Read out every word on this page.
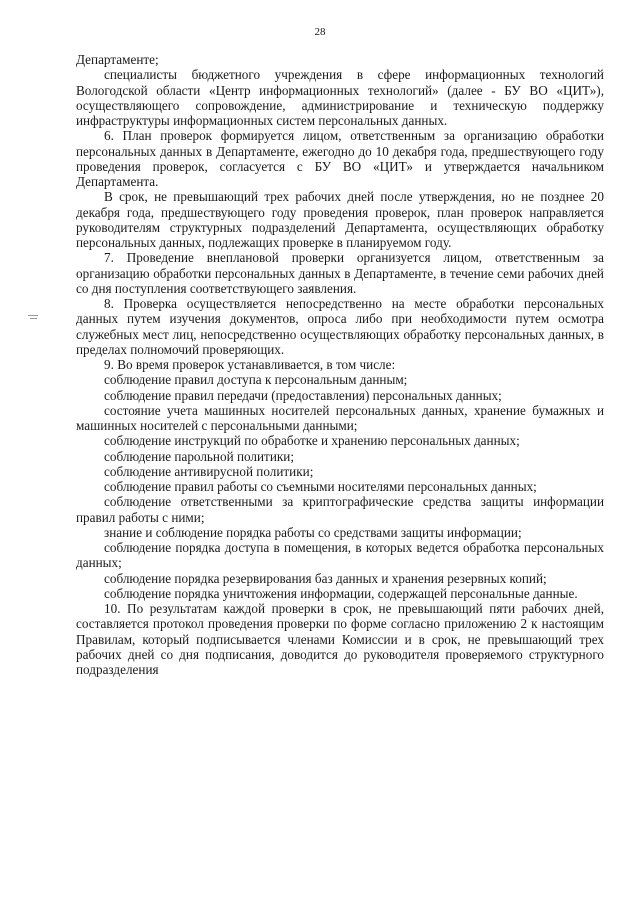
28

Департаменте;

специалисты бюджетного учреждения в сфере информационных технологий Вологодской области «Центр информационных технологий» (далее - БУ ВО «ЦИТ»), осуществляющего сопровождение, администрирование и техническую поддержку инфраструктуры информационных систем персональных данных.

6. План проверок формируется лицом, ответственным за организацию обработки персональных данных в Департаменте, ежегодно до 10 декабря года, предшествующего году проведения проверок, согласуется с БУ ВО «ЦИТ» и утверждается начальником Департамента.

В срок, не превышающий трех рабочих дней после утверждения, но не позднее 20 декабря года, предшествующего году проведения проверок, план проверок направляется руководителям структурных подразделений Департамента, осуществляющих обработку персональных данных, подлежащих проверке в планируемом году.

7. Проведение внеплановой проверки организуется лицом, ответственным за организацию обработки персональных данных в Департаменте, в течение семи рабочих дней со дня поступления соответствующего заявления.

8. Проверка осуществляется непосредственно на месте обработки персональных данных путем изучения документов, опроса либо при необходимости путем осмотра служебных мест лиц, непосредственно осуществляющих обработку персональных данных, в пределах полномочий проверяющих.

9. Во время проверок устанавливается, в том числе:

соблюдение правил доступа к персональным данным;

соблюдение правил передачи (предоставления) персональных данных;

состояние учета машинных носителей персональных данных, хранение бумажных и машинных носителей с персональными данными;

соблюдение инструкций по обработке и хранению персональных данных;

соблюдение парольной политики;

соблюдение антивирусной политики;

соблюдение правил работы со съемными носителями персональных данных;

соблюдение ответственными за криптографические средства защиты информации правил работы с ними;

знание и соблюдение порядка работы со средствами защиты информации;

соблюдение порядка доступа в помещения, в которых ведется обработка персональных данных;

соблюдение порядка резервирования баз данных и хранения резервных копий;

соблюдение порядка уничтожения информации, содержащей персональные данные.

10. По результатам каждой проверки в срок, не превышающий пяти рабочих дней, составляется протокол проведения проверки по форме согласно приложению 2 к настоящим Правилам, который подписывается членами Комиссии и в срок, не превышающий трех рабочих дней со дня подписания, доводится до руководителя проверяемого структурного подразделения
